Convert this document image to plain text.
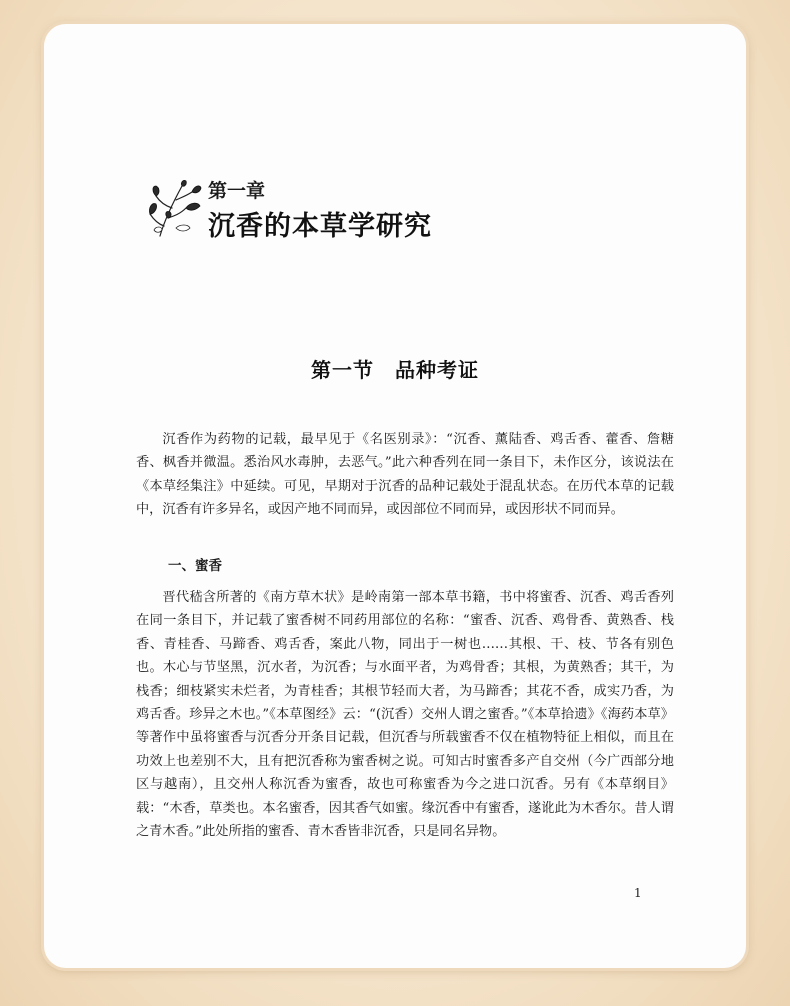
第一章
沉香的本草学研究
第一节　品种考证
沉香作为药物的记载，最早见于《名医别录》：“沉香、薰陆香、鸡舌香、藿香、詹糖香、枫香并微温。悉治风水毒肿，去恶气。”此六种香列在同一条目下，未作区分，该说法在《本草经集注》中延续。可见，早期对于沉香的品种记载处于混乱状态。在历代本草的记载中，沉香有许多异名，或因产地不同而异，或因部位不同而异，或因形状不同而异。
一、蜜香
晋代嵇含所著的《南方草木状》是岭南第一部本草书籍，书中将蜜香、沉香、鸡舌香列在同一条目下，并记载了蜜香树不同药用部位的名称：“蜜香、沉香、鸡骨香、黄熟香、栈香、青桂香、马蹄香、鸡舌香，案此八物，同出于一树也……其根、干、枝、节各有别色也。木心与节坚黑，沉水者，为沉香；与水面平者，为鸡骨香；其根，为黄熟香；其干，为栈香；细枝紧实未烂者，为青桂香；其根节轻而大者，为马蹄香；其花不香，成实乃香，为鸡舌香。珍异之木也。”《本草图经》云：“(沉香）交州人谓之蜜香。”《本草拾遗》《海药本草》等著作中虽将蜜香与沉香分开条目记载，但沉香与所载蜜香不仅在植物特征上相似，而且在功效上也差别不大，且有把沉香称为蜜香树之说。可知古时蜜香多产自交州（今广西部分地区与越南），且交州人称沉香为蜜香，故也可称蜜香为今之进口沉香。另有《本草纲目》载：“木香，草类也。本名蜜香，因其香气如蜜。缘沉香中有蜜香，遂讹此为木香尔。昔人谓之青木香。”此处所指的蜜香、青木香皆非沉香，只是同名异物。
1
